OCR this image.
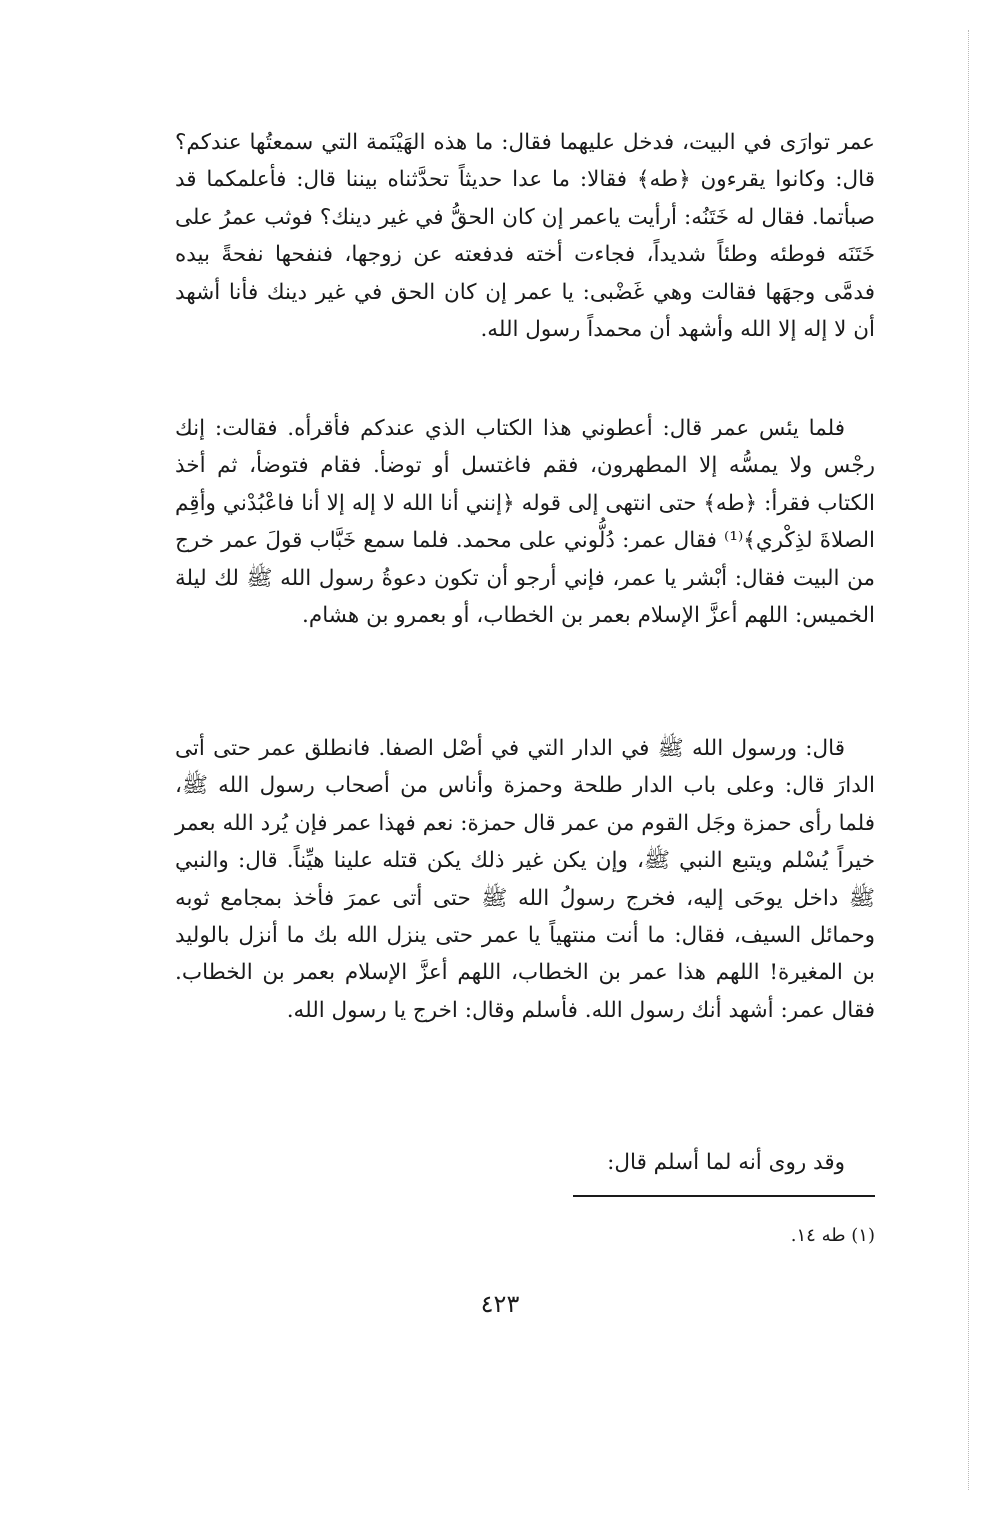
عمر توارَى في البيت، فدخل عليهما فقال: ما هذه الهَيْنَمة التي سمعتُها عندكم؟ قال: وكانوا يقرءون ﴿طه﴾ فقالا: ما عدا حديثاً تحدَّثناه بيننا قال: فأعلمكما قد صبأتما. فقال له خَتَنُه: أرأيت ياعمر إن كان الحقُّ في غير دينك؟ فوثب عمرُ على خَتَنَه فوطئه وطئاً شديداً، فجاءت أخته فدفعته عن زوجها، فنفحها نفحةً بيده فدمَّى وجهَها فقالت وهي غَضْبى: يا عمر إن كان الحق في غير دينك فأنا أشهد أن لا إله إلا الله وأشهد أن محمداً رسول الله.

فلما يئس عمر قال: أعطوني هذا الكتاب الذي عندكم فأقرأه. فقالت: إنك رجْس ولا يمسُّه إلا المطهرون، فقم فاغتسل أو توضأ. فقام فتوضأ، ثم أخذ الكتاب فقرأ: ﴿طه﴾ حتى انتهى إلى قوله ﴿إنني أنا الله لا إله إلا أنا فاعْبُدْني وأقِم الصلاةَ لذِكْري﴾⁽¹⁾ فقال عمر: دُلُّوني على محمد. فلما سمع خَبَّاب قولَ عمر خرج من البيت فقال: أبْشر يا عمر، فإني أرجو أن تكون دعوةُ رسول الله ﷺ لك ليلة الخميس: اللهم أعزَّ الإسلام بعمر بن الخطاب، أو بعمرو بن هشام.

قال: ورسول الله ﷺ في الدار التي في أصْل الصفا. فانطلق عمر حتى أتى الدارَ قال: وعلى باب الدار طلحة وحمزة وأناس من أصحاب رسول الله ﷺ، فلما رأى حمزة وجَل القوم من عمر قال حمزة: نعم فهذا عمر فإن يُرد الله بعمر خيراً يُسْلم ويتبع النبي ﷺ، وإن يكن غير ذلك يكن قتله علينا هيِّناً. قال: والنبي ﷺ داخل يوحَى إليه، فخرج رسولُ الله ﷺ حتى أتى عمرَ فأخذ بمجامع ثوبه وحمائل السيف، فقال: ما أنت منتهياً يا عمر حتى ينزل الله بك ما أنزل بالوليد بن المغيرة! اللهم هذا عمر بن الخطاب، اللهم أعزَّ الإسلام بعمر بن الخطاب. فقال عمر: أشهد أنك رسول الله. فأسلم وقال: اخرج يا رسول الله.

وقد روى أنه لما أسلم قال:

(١) طه ١٤.
٤٢٣
